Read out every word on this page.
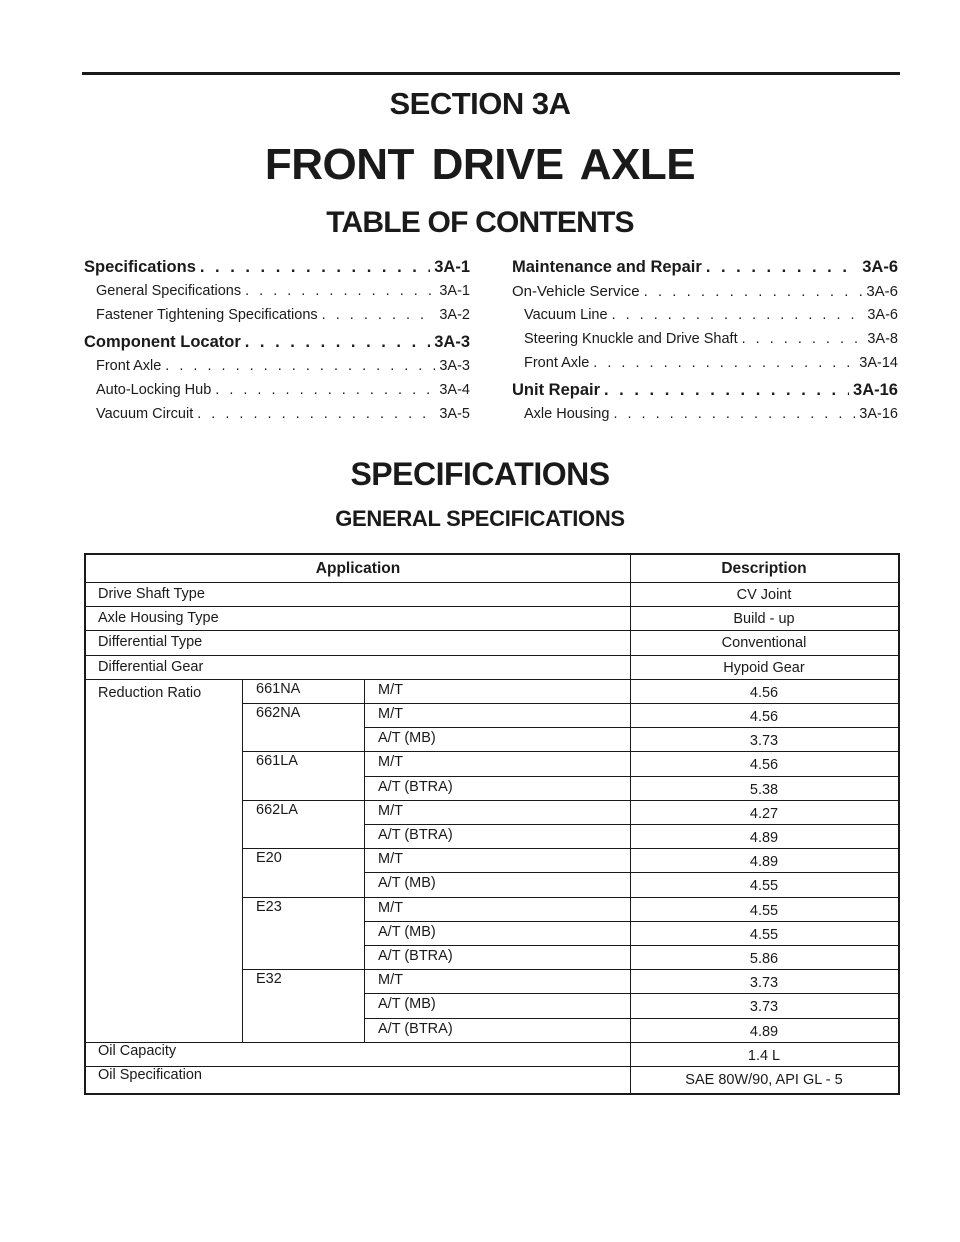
SECTION 3A
FRONT DRIVE AXLE
TABLE OF CONTENTS
Specifications . . .	3A-1
General Specifications . . .	3A-1
Fastener Tightening Specifications . . .	3A-2
Component Locator . . .	3A-3
Front Axle . . .	3A-3
Auto-Locking Hub . . .	3A-4
Vacuum Circuit . . .	3A-5
Maintenance and Repair . . .	3A-6
On-Vehicle Service . . .	3A-6
Vacuum Line . . .	3A-6
Steering Knuckle and Drive Shaft . . .	3A-8
Front Axle . . .	3A-14
Unit Repair . . .	3A-16
Axle Housing . . .	3A-16
SPECIFICATIONS
GENERAL SPECIFICATIONS
Application	Description
Drive Shaft Type	CV Joint
Axle Housing Type	Build - up
Differential Type	Conventional
Differential Gear	Hypoid Gear
Reduction Ratio	661NA	M/T	4.56
662NA	M/T	4.56
A/T (MB)	3.73
661LA	M/T	4.56
A/T (BTRA)	5.38
662LA	M/T	4.27
A/T (BTRA)	4.89
E20	M/T	4.89
A/T (MB)	4.55
E23	M/T	4.55
A/T (MB)	4.55
A/T (BTRA)	5.86
E32	M/T	3.73
A/T (MB)	3.73
A/T (BTRA)	4.89
Oil Capacity	1.4 L
Oil Specification	SAE 80W/90, API GL - 5
